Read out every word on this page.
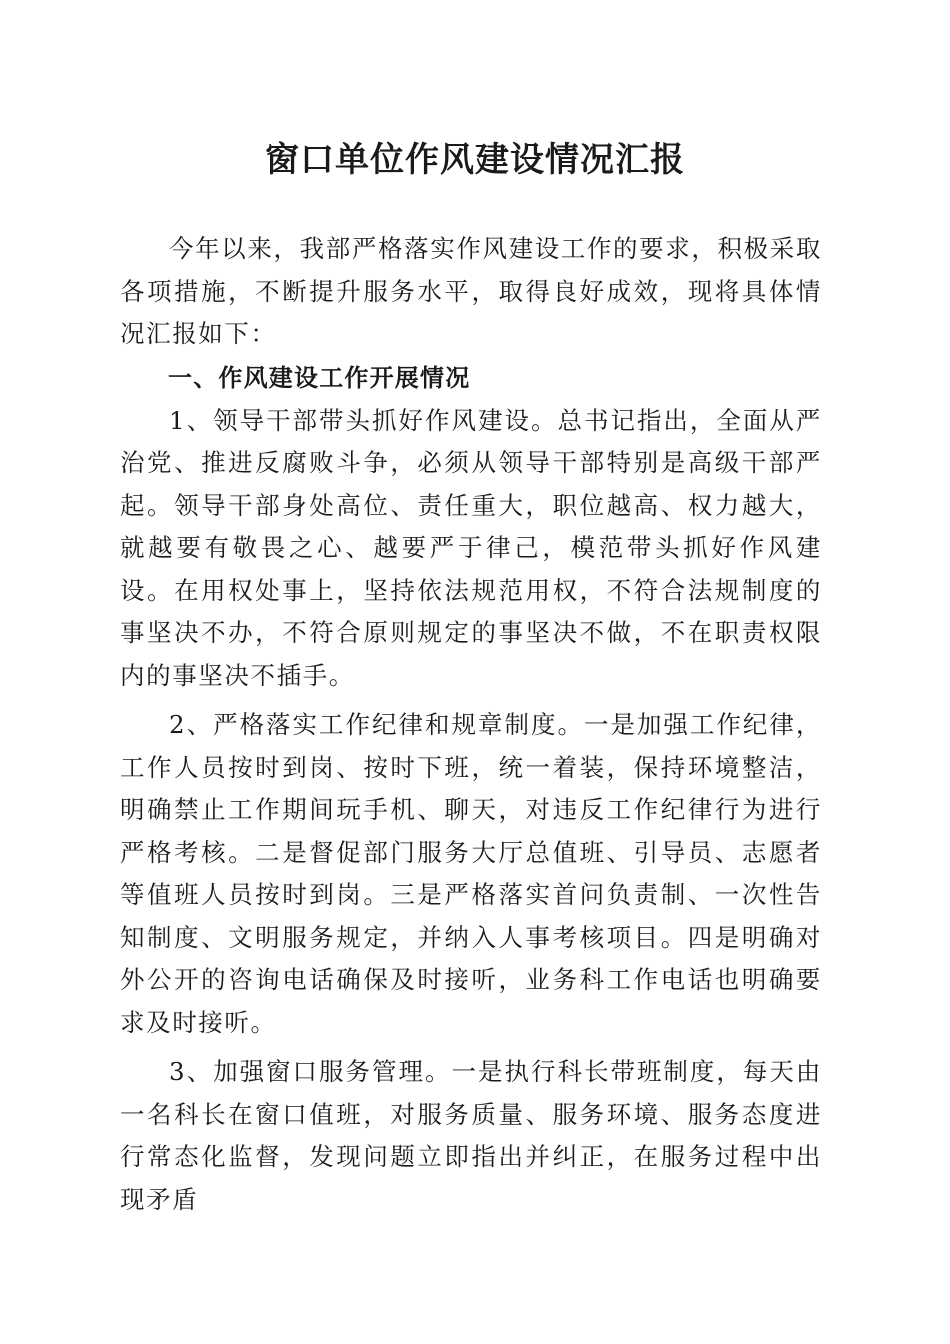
窗口单位作风建设情况汇报

今年以来，我部严格落实作风建设工作的要求，积极采取各项措施，不断提升服务水平，取得良好成效，现将具体情况汇报如下：

一、作风建设工作开展情况

1、领导干部带头抓好作风建设。总书记指出，全面从严治党、推进反腐败斗争，必须从领导干部特别是高级干部严起。领导干部身处高位、责任重大，职位越高、权力越大，就越要有敬畏之心、越要严于律己，模范带头抓好作风建设。在用权处事上，坚持依法规范用权，不符合法规制度的事坚决不办，不符合原则规定的事坚决不做，不在职责权限内的事坚决不插手。

2、严格落实工作纪律和规章制度。一是加强工作纪律，工作人员按时到岗、按时下班，统一着装，保持环境整洁，明确禁止工作期间玩手机、聊天，对违反工作纪律行为进行严格考核。二是督促部门服务大厅总值班、引导员、志愿者等值班人员按时到岗。三是严格落实首问负责制、一次性告知制度、文明服务规定，并纳入人事考核项目。四是明确对外公开的咨询电话确保及时接听，业务科工作电话也明确要求及时接听。

3、加强窗口服务管理。一是执行科长带班制度，每天由一名科长在窗口值班，对服务质量、服务环境、服务态度进行常态化监督，发现问题立即指出并纠正，在服务过程中出现矛盾
